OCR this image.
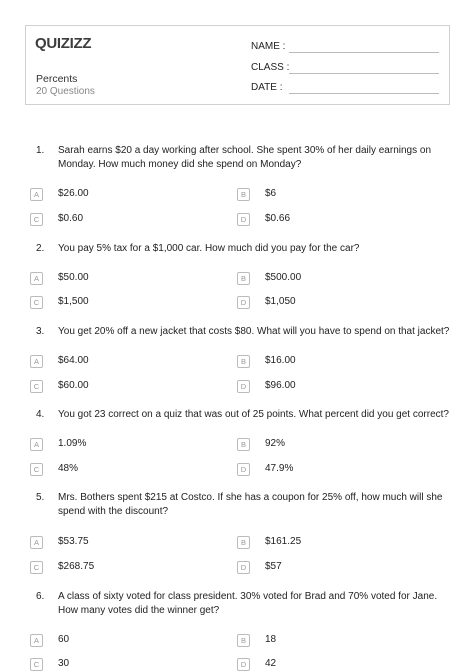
QUIZIZZ
Percents
20 Questions
NAME :
CLASS :
DATE :
1.	Sarah earns $20 a day working after school. She spent 30% of her daily earnings on
Monday. How much money did she spend on Monday?
A	$26.00	B	$6
C	$0.60	D	$0.66
2.	You pay 5% tax for a $1,000 car. How much did you pay for the car?
A	$50.00	B	$500.00
C	$1,500	D	$1,050
3.	You get 20% off a new jacket that costs $80. What will you have to spend on that jacket?
A	$64.00	B	$16.00
C	$60.00	D	$96.00
4.	You got 23 correct on a quiz that was out of 25 points. What percent did you get correct?
A	1.09%	B	92%
C	48%	D	47.9%
5.	Mrs. Bothers spent $215 at Costco. If she has a coupon for 25% off, how much will she
spend with the discount?
A	$53.75	B	$161.25
C	$268.75	D	$57
6.	A class of sixty voted for class president. 30% voted for Brad and 70% voted for Jane.
How many votes did the winner get?
A	60	B	18
C	30	D	42
